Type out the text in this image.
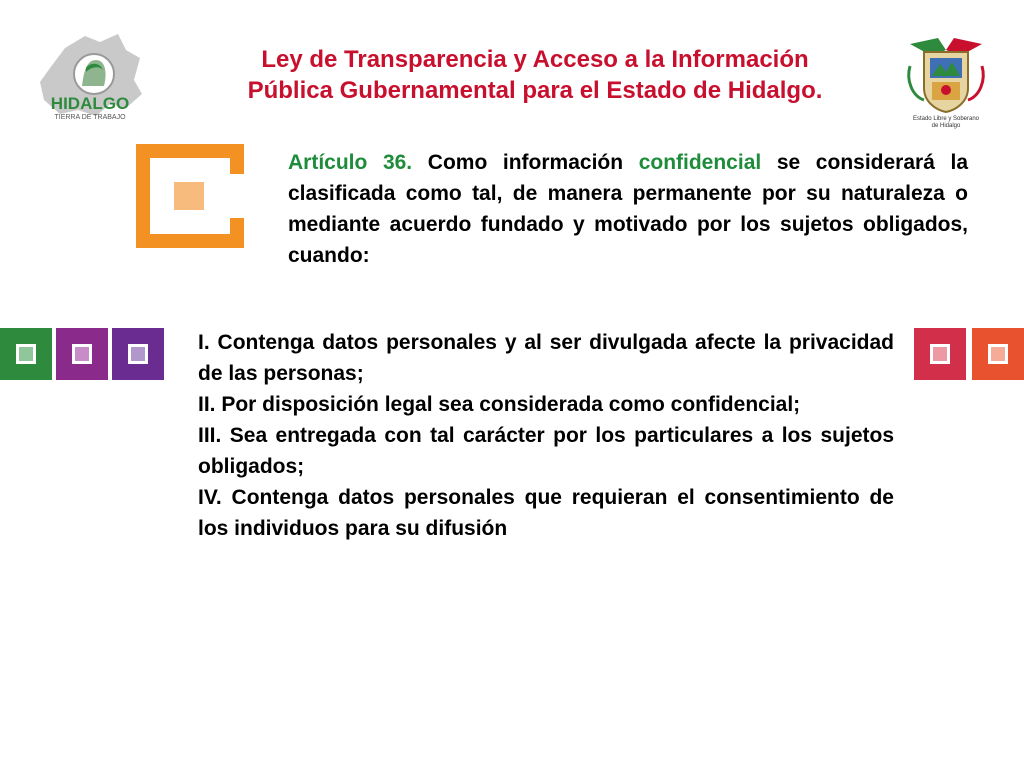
Ley de Transparencia y Acceso a la Información
Pública Gubernamental para el Estado de Hidalgo.
HIDALGO
TIERRA DE TRABAJO	Estado Libre y Soberano
de Hidalgo
Artículo 36. Como información confidencial se considerará la clasificada como tal, de manera permanente por su naturaleza o mediante acuerdo fundado y motivado por los sujetos obligados, cuando:

I. Contenga datos personales y al ser divulgada afecte la privacidad de las personas;

II. Por disposición legal sea considerada como confidencial;

III. Sea entregada con tal carácter por los particulares a los sujetos obligados;

IV. Contenga datos personales que requieran el consentimiento de los individuos para su difusión
